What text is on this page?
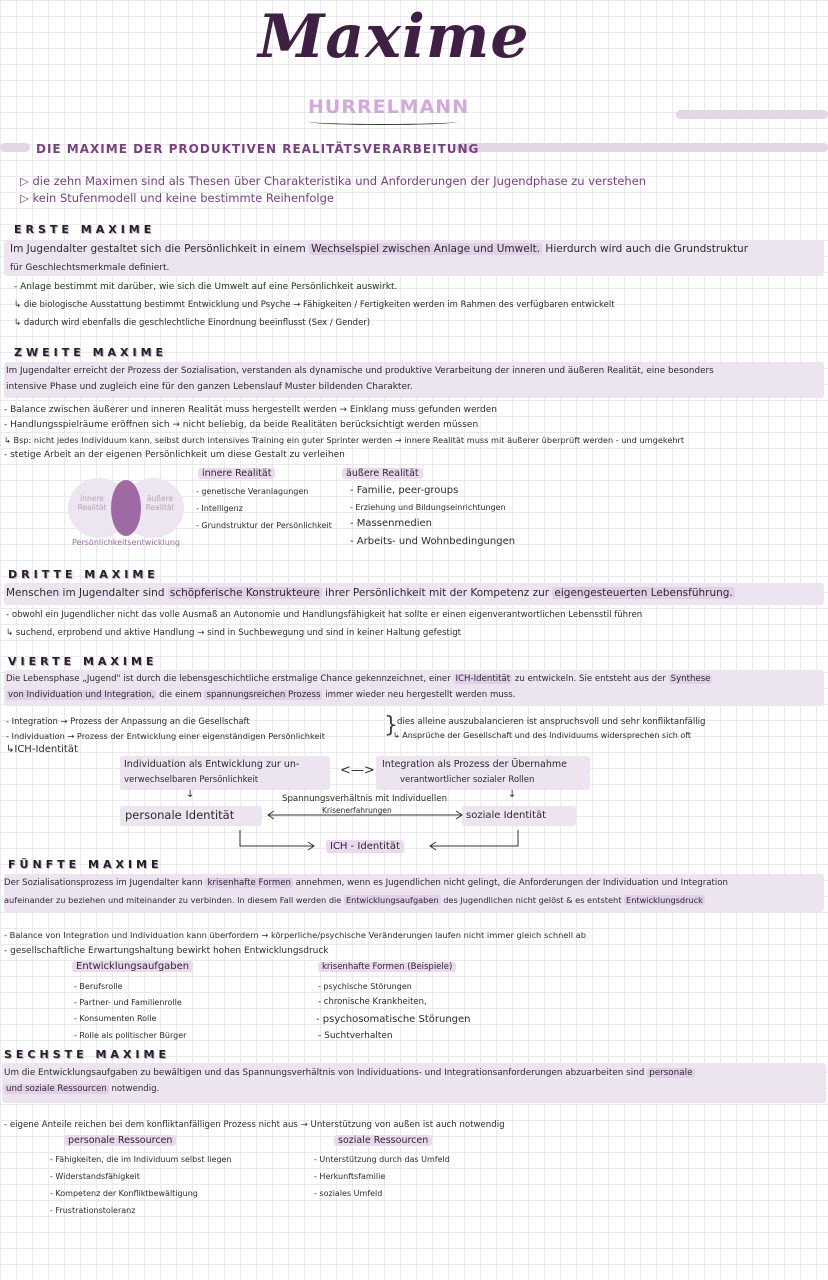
Maxime
HURRELMANN
DIE MAXIME DER PRODUKTIVEN REALITÄTSVERARBEITUNG
▷ die zehn Maximen sind als Thesen über Charakteristika und Anforderungen der Jugendphase zu verstehen
▷ kein Stufenmodell und keine bestimmte Reihenfolge
ERSTE MAXIME
Im Jugendalter gestaltet sich die Persönlichkeit in einem Wechselspiel zwischen Anlage und Umwelt. Hierdurch wird auch die Grundstruktur
für Geschlechtsmerkmale definiert.
- Anlage bestimmt mit darüber, wie sich die Umwelt auf eine Persönlichkeit auswirkt.
↳ die biologische Ausstattung bestimmt Entwicklung und Psyche → Fähigkeiten / Fertigkeiten werden im Rahmen des verfügbaren entwickelt
↳ dadurch wird ebenfalls die geschlechtliche Einordnung beeinflusst (Sex / Gender)
ZWEITE MAXIME
Im Jugendalter erreicht der Prozess der Sozialisation, verstanden als dynamische und produktive Verarbeitung der inneren und äußeren Realität, eine besonders
intensive Phase und zugleich eine für den ganzen Lebenslauf Muster bildenden Charakter.
- Balance zwischen äußerer und inneren Realität muss hergestellt werden → Einklang muss gefunden werden
- Handlungsspielräume eröffnen sich → nicht beliebig, da beide Realitäten berücksichtigt werden müssen
↳ Bsp: nicht jedes Individuum kann, selbst durch intensives Training ein guter Sprinter werden → innere Realität muss mit äußerer überprüft werden - und umgekehrt
- stetige Arbeit an der eigenen Persönlichkeit um diese Gestalt zu verleihen
innere Realität
äußere Realität
Persönlichkeitsentwicklung
innere Realität
- genetische Veranlagungen
- Intelligenz
- Grundstruktur der Persönlichkeit
äußere Realität
- Familie, peer-groups
- Erziehung und Bildungseinrichtungen
- Massenmedien
- Arbeits- und Wohnbedingungen
DRITTE MAXIME
Menschen im Jugendalter sind schöpferische Konstrukteure ihrer Persönlichkeit mit der Kompetenz zur eigengesteuerten Lebensführung.
- obwohl ein Jugendlicher nicht das volle Ausmaß an Autonomie und Handlungsfähigkeit hat sollte er einen eigenverantwortlichen Lebensstil führen
↳ suchend, erprobend und aktive Handlung → sind in Suchbewegung und sind in keiner Haltung gefestigt
VIERTE MAXIME
Die Lebensphase „Jugend" ist durch die lebensgeschichtliche erstmalige Chance gekennzeichnet, einer ICH-Identität zu entwickeln. Sie entsteht aus der Synthese
von Individuation und Integration, die einem spannungsreichen Prozess immer wieder neu hergestellt werden muss.
- Integration → Prozess der Anpassung an die Gesellschaft
- Individuation → Prozess der Entwicklung einer eigenständigen Persönlichkeit
↳ICH-Identität
} dies alleine auszubalancieren ist anspruchsvoll und sehr konfliktanfällig
↳ Ansprüche der Gesellschaft und des Individuums widersprechen sich oft
Individuation als Entwicklung zur un-
verwechselbaren Persönlichkeit
<—> Integration als Prozess der Übernahme
verantwortlicher sozialer Rollen
↓	↓
Spannungsverhältnis mit Individuellen
Krisenerfahrungen
personale Identität	soziale Identität
ICH - Identität
FÜNFTE MAXIME
Der Sozialisationsprozess im Jugendalter kann krisenhafte Formen annehmen, wenn es Jugendlichen nicht gelingt, die Anforderungen der Individuation und Integration
aufeinander zu beziehen und miteinander zu verbinden. In diesem Fall werden die Entwicklungsaufgaben des Jugendlichen nicht gelöst & es entsteht Entwicklungsdruck
- Balance von Integration und Individuation kann überfordern → körperliche/psychische Veränderungen laufen nicht immer gleich schnell ab
- gesellschaftliche Erwartungshaltung bewirkt hohen Entwicklungsdruck
Entwicklungsaufgaben
- Berufsrolle
- Partner- und Familienrolle
- Konsumenten Rolle
- Rolle als politischer Bürger
krisenhafte Formen (Beispiele)
- psychische Störungen
- chronische Krankheiten,
- psychosomatische Störungen
- Suchtverhalten
SECHSTE MAXIME
Um die Entwicklungsaufgaben zu bewältigen und das Spannungsverhältnis von Individuations- und Integrationsanforderungen abzuarbeiten sind personale
und soziale Ressourcen notwendig.
- eigene Anteile reichen bei dem konfliktanfälligen Prozess nicht aus → Unterstützung von außen ist auch notwendig
personale Ressourcen
- Fähigkeiten, die im Individuum selbst liegen
- Widerstandsfähigkeit
- Kompetenz der Konfliktbewältigung
- Frustrationstoleranz
soziale Ressourcen
- Unterstützung durch das Umfeld
- Herkunftsfamilie
- soziales Umfeld
